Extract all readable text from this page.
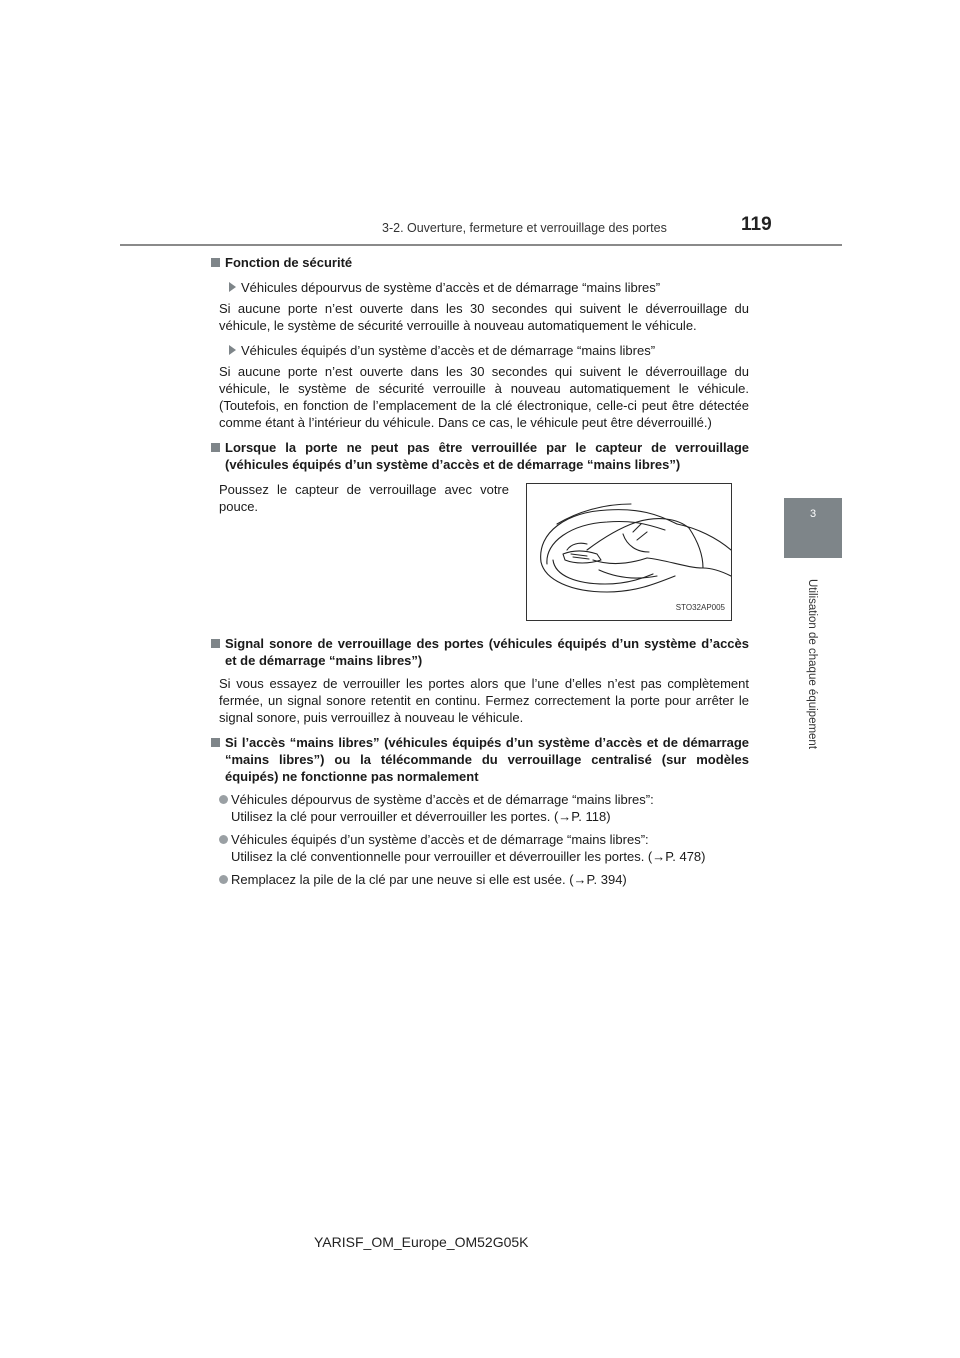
3-2. Ouverture, fermeture et verrouillage des portes	119
3
Utilisation de chaque équipement

Fonction de sécurité

Véhicules dépourvus de système d’accès et de démarrage “mains libres”

Si aucune porte n’est ouverte dans les 30 secondes qui suivent le déverrouillage du véhicule, le système de sécurité verrouille à nouveau automatiquement le véhicule.

Véhicules équipés d’un système d’accès et de démarrage “mains libres”

Si aucune porte n’est ouverte dans les 30 secondes qui suivent le déverrouillage du véhicule, le système de sécurité verrouille à nouveau automatiquement le véhicule. (Toutefois, en fonction de l’emplacement de la clé électronique, celle-ci peut être détectée comme étant à l’intérieur du véhicule. Dans ce cas, le véhicule peut être déverrouillé.)

Lorsque la porte ne peut pas être verrouillée par le capteur de verrouillage (véhicules équipés d’un système d’accès et de démarrage “mains libres”)

Poussez le capteur de verrouillage avec votre pouce.

STO32AP005

Signal sonore de verrouillage des portes (véhicules équipés d’un système d’accès et de démarrage “mains libres”)

Si vous essayez de verrouiller les portes alors que l’une d’elles n’est pas complètement fermée, un signal sonore retentit en continu. Fermez correctement la porte pour arrêter le signal sonore, puis verrouillez à nouveau le véhicule.

Si l’accès “mains libres” (véhicules équipés d’un système d’accès et de démarrage “mains libres”) ou la télécommande du verrouillage centralisé (sur modèles équipés) ne fonctionne pas normalement

Véhicules dépourvus de système d’accès et de démarrage “mains libres”:
Utilisez la clé pour verrouiller et déverrouiller les portes. (→P. 118)
Véhicules équipés d’un système d’accès et de démarrage “mains libres”:
Utilisez la clé conventionnelle pour verrouiller et déverrouiller les portes. (→P. 478)
Remplacez la pile de la clé par une neuve si elle est usée. (→P. 394)
YARISF_OM_Europe_OM52G05K
